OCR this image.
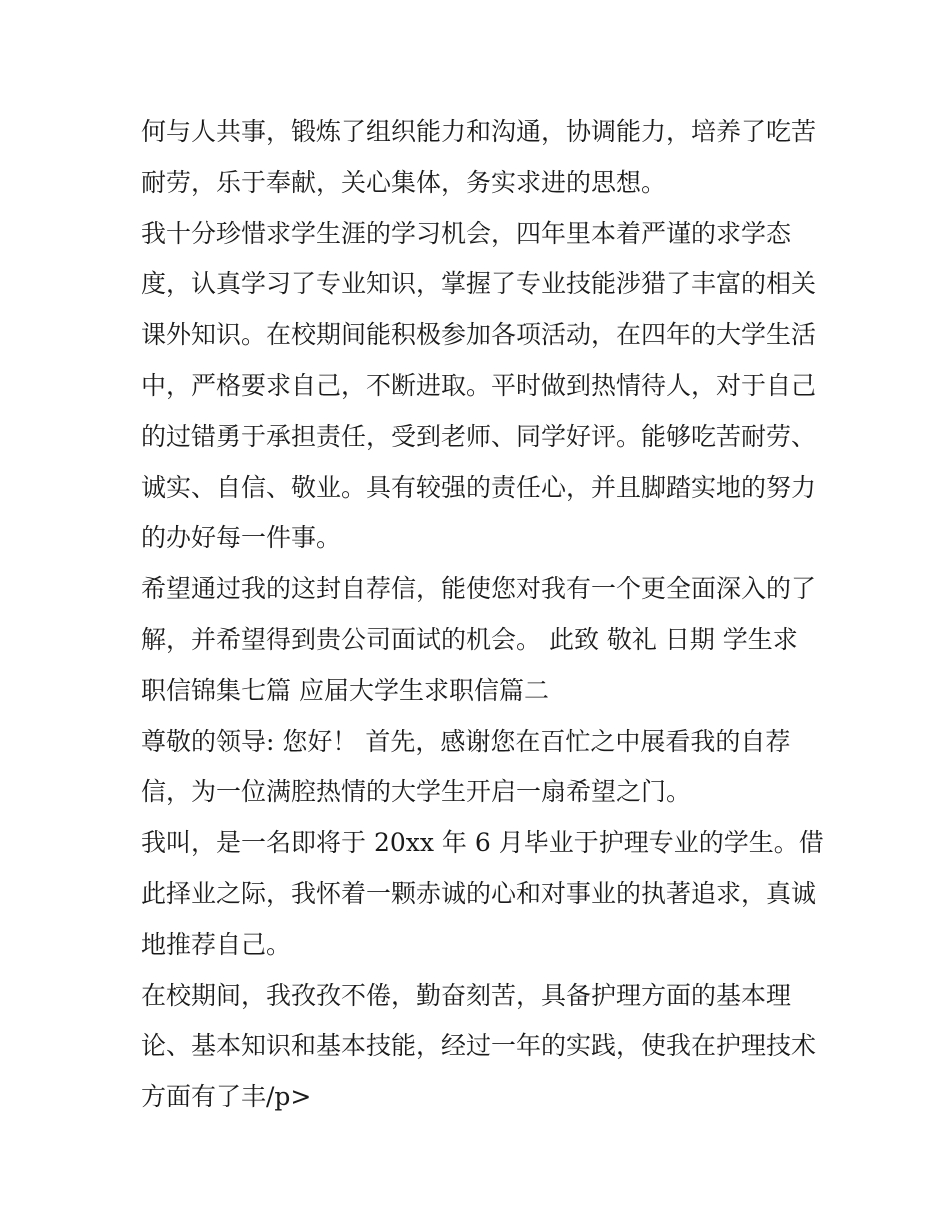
何与人共事，锻炼了组织能力和沟通，协调能力，培养了吃苦
耐劳，乐于奉献，关心集体，务实求进的思想。
我十分珍惜求学生涯的学习机会，四年里本着严谨的求学态
度，认真学习了专业知识，掌握了专业技能涉猎了丰富的相关
课外知识。在校期间能积极参加各项活动，在四年的大学生活
中，严格要求自己，不断进取。平时做到热情待人，对于自己
的过错勇于承担责任，受到老师、同学好评。能够吃苦耐劳、
诚实、自信、敬业。具有较强的责任心，并且脚踏实地的努力
的办好每一件事。
希望通过我的这封自荐信，能使您对我有一个更全面深入的了
解，并希望得到贵公司面试的机会。 此致 敬礼 日期 学生求
职信锦集七篇 应届大学生求职信篇二
尊敬的领导: 您好！ 首先，感谢您在百忙之中展看我的自荐
信，为一位满腔热情的大学生开启一扇希望之门。
我叫，是一名即将于 20xx 年 6 月毕业于护理专业的学生。借
此择业之际，我怀着一颗赤诚的心和对事业的执著追求，真诚
地推荐自己。
在校期间，我孜孜不倦，勤奋刻苦，具备护理方面的基本理
论、基本知识和基本技能，经过一年的实践，使我在护理技术
方面有了丰/p>
